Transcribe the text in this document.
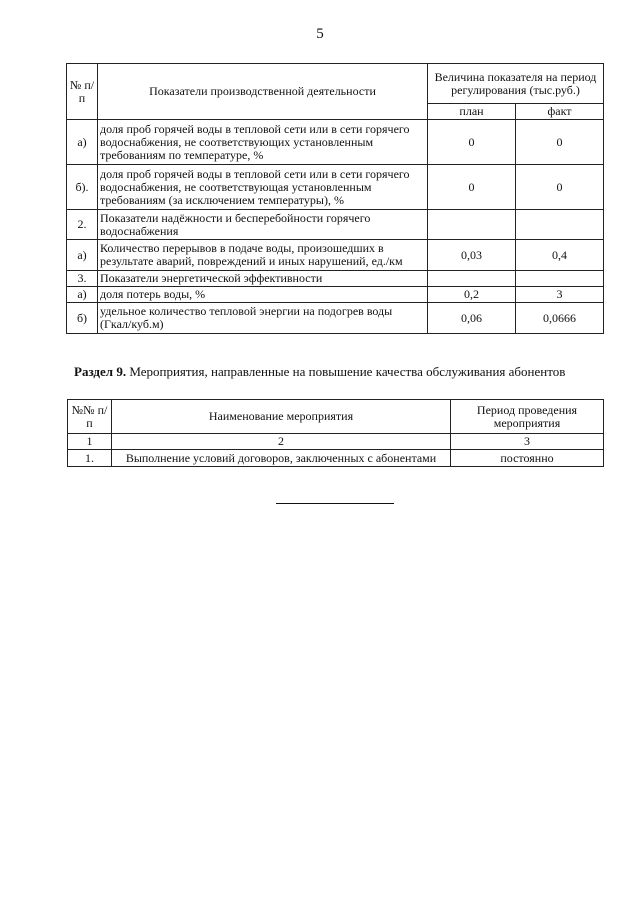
5
№ п/п	Показатели производственной деятельности	Величина показателя на период регулирования (тыс.руб.)	
		план	факт
а)	доля проб горячей воды в тепловой сети или в сети горячего водоснабжения, не соответствующих установленным требованиям по температуре, %	0	0
б).	доля проб горячей воды в тепловой сети или в сети горячего водоснабжения, не соответствующая установленным требованиям (за исключением температуры), %	0	0
2.	Показатели надёжности и бесперебойности горячего водоснабжения		
а)	Количество перерывов в подаче воды, произошедших в результате аварий, повреждений и иных нарушений, ед./км	0,03	0,4
3.	Показатели энергетической эффективности		
а)	доля потерь воды, %	0,2	3
б)	удельное количество тепловой энергии на подогрев воды (Гкал/куб.м)	0,06	0,0666
Раздел 9. Мероприятия, направленные на повышение качества обслуживания абонентов
№№ п/п	Наименование мероприятия	Период проведения мероприятия
1	2	3
1.	Выполнение условий договоров, заключенных с абонентами	постоянно
